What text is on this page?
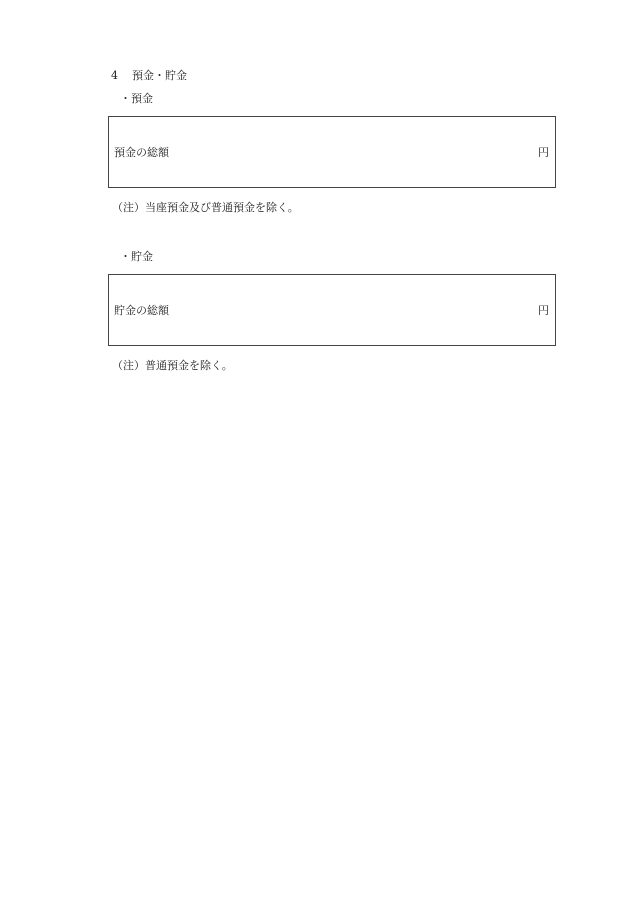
4 預金・貯金
・預金
預金の総額	円
（注）当座預金及び普通預金を除く。
・貯金
貯金の総額	円
（注）普通預金を除く。
